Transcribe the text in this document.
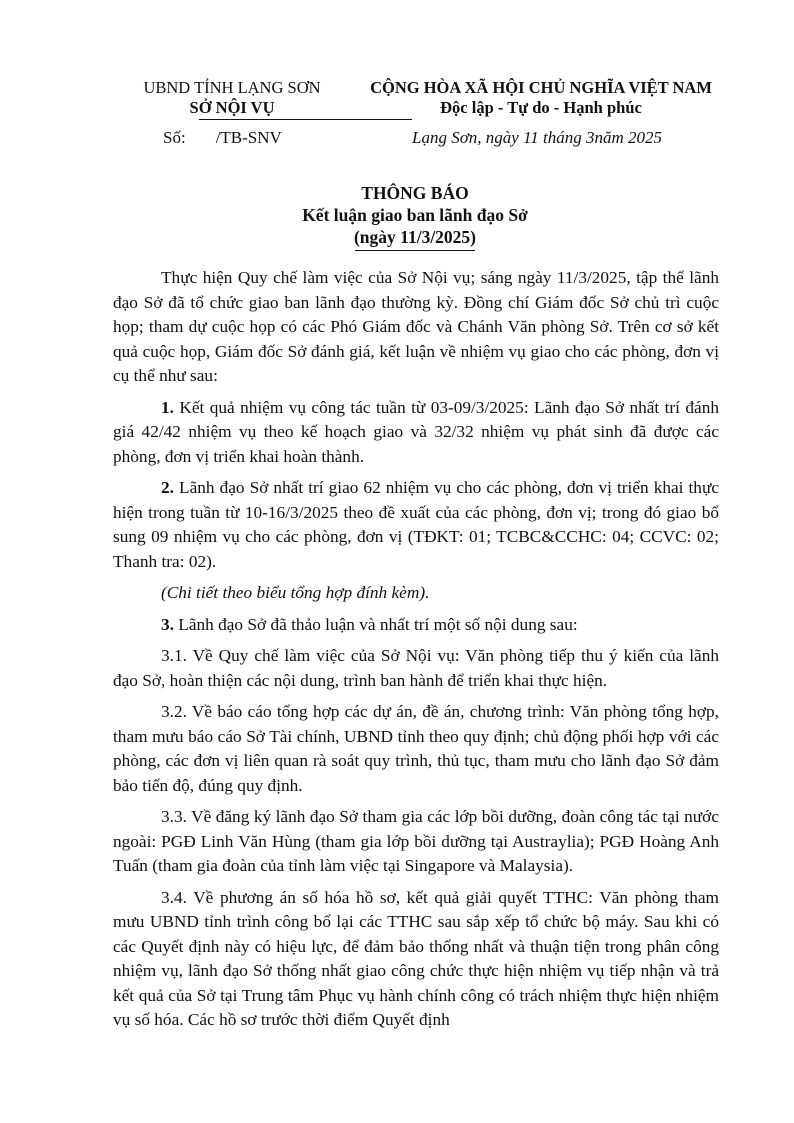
UBND TỈNH LẠNG SƠN
SỞ NỘI VỤ
CỘNG HÒA XÃ HỘI CHỦ NGHĨA VIỆT NAM
Độc lập - Tự do - Hạnh phúc
Số: /TB-SNV	Lạng Sơn, ngày 11 tháng 3năm 2025
THÔNG BÁO
Kết luận giao ban lãnh đạo Sở
(ngày 11/3/2025)

Thực hiện Quy chế làm việc của Sở Nội vụ; sáng ngày 11/3/2025, tập thể lãnh đạo Sở đã tổ chức giao ban lãnh đạo thường kỳ. Đồng chí Giám đốc Sở chủ trì cuộc họp; tham dự cuộc họp có các Phó Giám đốc và Chánh Văn phòng Sở. Trên cơ sở kết quả cuộc họp, Giám đốc Sở đánh giá, kết luận về nhiệm vụ giao cho các phòng, đơn vị cụ thể như sau:

1. Kết quả nhiệm vụ công tác tuần từ 03-09/3/2025: Lãnh đạo Sở nhất trí đánh giá 42/42 nhiệm vụ theo kế hoạch giao và 32/32 nhiệm vụ phát sinh đã được các phòng, đơn vị triển khai hoàn thành.

2. Lãnh đạo Sở nhất trí giao 62 nhiệm vụ cho các phòng, đơn vị triển khai thực hiện trong tuần từ 10-16/3/2025 theo đề xuất của các phòng, đơn vị; trong đó giao bổ sung 09 nhiệm vụ cho các phòng, đơn vị (TĐKT: 01; TCBC&CCHC: 04; CCVC: 02; Thanh tra: 02).

(Chi tiết theo biểu tổng hợp đính kèm).

3. Lãnh đạo Sở đã thảo luận và nhất trí một số nội dung sau:

3.1. Về Quy chế làm việc của Sở Nội vụ: Văn phòng tiếp thu ý kiến của lãnh đạo Sở, hoàn thiện các nội dung, trình ban hành để triển khai thực hiện.

3.2. Về báo cáo tổng hợp các dự án, đề án, chương trình: Văn phòng tổng hợp, tham mưu báo cáo Sở Tài chính, UBND tỉnh theo quy định; chủ động phối hợp với các phòng, các đơn vị liên quan rà soát quy trình, thủ tục, tham mưu cho lãnh đạo Sở đảm bảo tiến độ, đúng quy định.

3.3. Về đăng ký lãnh đạo Sở tham gia các lớp bồi dưỡng, đoàn công tác tại nước ngoài: PGĐ Linh Văn Hùng (tham gia lớp bồi dưỡng tại Austraylia); PGĐ Hoàng Anh Tuấn (tham gia đoàn của tỉnh làm việc tại Singapore và Malaysia).

3.4. Về phương án số hóa hồ sơ, kết quả giải quyết TTHC: Văn phòng tham mưu UBND tỉnh trình công bố lại các TTHC sau sắp xếp tổ chức bộ máy. Sau khi có các Quyết định này có hiệu lực, để đảm bảo thống nhất và thuận tiện trong phân công nhiệm vụ, lãnh đạo Sở thống nhất giao công chức thực hiện nhiệm vụ tiếp nhận và trả kết quả của Sở tại Trung tâm Phục vụ hành chính công có trách nhiệm thực hiện nhiệm vụ số hóa. Các hồ sơ trước thời điểm Quyết định
